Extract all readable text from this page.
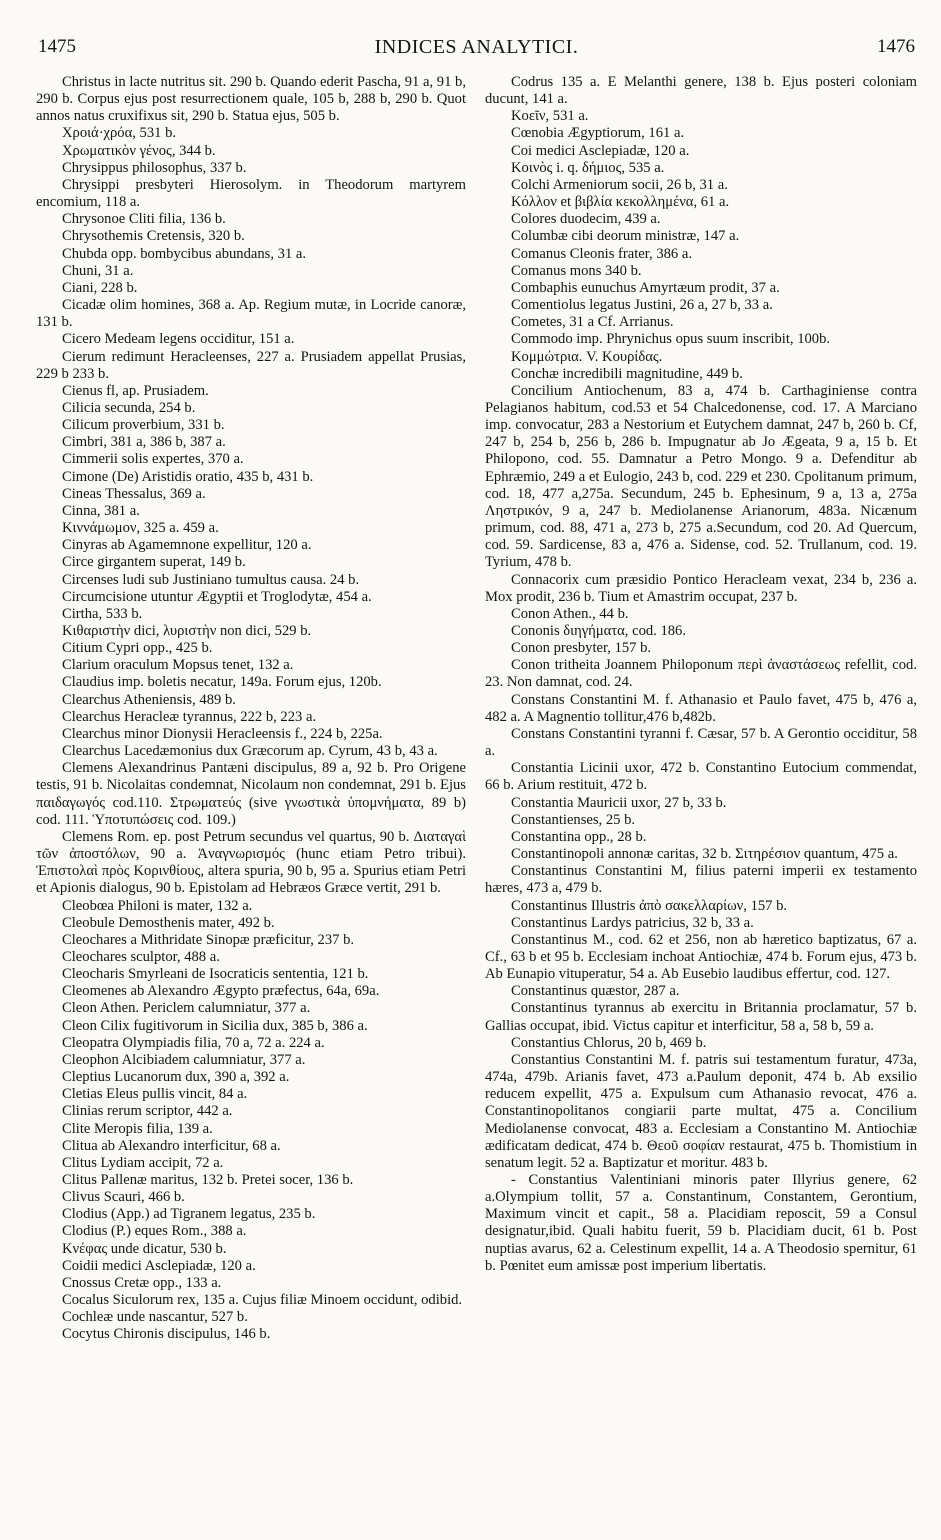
1475	INDICES ANALYTICI.	1476

Christus in lacte nutritus sit. 290 b. Quando ederit Pascha, 91 a, 91 b, 290 b. Corpus ejus post resurrectionem quale, 105 b, 288 b, 290 b. Quot annos natus cruxifixus sit, 290 b. Statua ejus, 505 b.

Χροιά·χρόα, 531 b.

Χρωματικὸν γένος, 344 b.

Chrysippus philosophus, 337 b.

Chrysippi presbyteri Hierosolym. in Theodorum martyrem encomium, 118 a.

Chrysonoe Cliti filia, 136 b.

Chrysothemis Cretensis, 320 b.

Chubda opp. bombycibus abundans, 31 a.

Chuni, 31 a.

Ciani, 228 b.

Cicadæ olim homines, 368 a. Ap. Regium mutæ, in Locride canoræ, 131 b.

Cicero Medeam legens occiditur, 151 a.

Cierum redimunt Heracleenses, 227 a. Prusiadem appellat Prusias, 229 b 233 b.

Cienus fl, ap. Prusiadem.

Cilicia secunda, 254 b.

Cilicum proverbium, 331 b.

Cimbri, 381 a, 386 b, 387 a.

Cimmerii solis expertes, 370 a.

Cimone (De) Aristidis oratio, 435 b, 431 b.

Cineas Thessalus, 369 a.

Cinna, 381 a.

Κιννάμωμον, 325 a. 459 a.

Cinyras ab Agamemnone expellitur, 120 a.

Circe girgantem superat, 149 b.

Circenses ludi sub Justiniano tumultus causa. 24 b.

Circumcisione utuntur Ægyptii et Troglodytæ, 454 a.

Cirtha, 533 b.

Κιθαριστὴν dici, λυριστὴν non dici, 529 b.

Citium Cypri opp., 425 b.

Clarium oraculum Mopsus tenet, 132 a.

Claudius imp. boletis necatur, 149a. Forum ejus, 120b.

Clearchus Atheniensis, 489 b.

Clearchus Heracleæ tyrannus, 222 b, 223 a.

Clearchus minor Dionysii Heracleensis f., 224 b, 225a.

Clearchus Lacedæmonius dux Græcorum ap. Cyrum, 43 b, 43 a.

Clemens Alexandrinus Pantæni discipulus, 89 a, 92 b. Pro Origene testis, 91 b. Nicolaitas condemnat, Nicolaum non condemnat, 291 b. Ejus παιδαγωγός cod.110. Στρωματεύς (sive γνωστικὰ ὑπομνήματα, 89 b) cod. 111. Ὑποτυπώσεις cod. 109.)

Clemens Rom. ep. post Petrum secundus vel quartus, 90 b. Διαταγαὶ τῶν ἀποστόλων, 90 a. Ἀναγνωρισμός (hunc etiam Petro tribui). Ἐπιστολαὶ πρὸς Κορινθίους, altera spuria, 90 b, 95 a. Spurius etiam Petri et Apionis dialogus, 90 b. Epistolam ad Hebræos Græce vertit, 291 b.

Cleobœa Philoni is mater, 132 a.

Cleobule Demosthenis mater, 492 b.

Cleochares a Mithridate Sinopæ præficitur, 237 b.

Cleochares sculptor, 488 a.

Cleocharis Smyrleani de Isocraticis sententia, 121 b.

Cleomenes ab Alexandro Ægypto præfectus, 64a, 69a.

Cleon Athen. Periclem calumniatur, 377 a.

Cleon Cilix fugitivorum in Sicilia dux, 385 b, 386 a.

Cleopatra Olympiadis filia, 70 a, 72 a. 224 a.

Cleophon Alcibiadem calumniatur, 377 a.

Cleptius Lucanorum dux, 390 a, 392 a.

Cletias Eleus pullis vincit, 84 a.

Clinias rerum scriptor, 442 a.

Clite Meropis filia, 139 a.

Clitua ab Alexandro interficitur, 68 a.

Clitus Lydiam accipit, 72 a.

Clitus Pallenæ maritus, 132 b. Pretei socer, 136 b.

Clivus Scauri, 466 b.

Clodius (App.) ad Tigranem legatus, 235 b.

Clodius (P.) eques Rom., 388 a.

Κνέφας unde dicatur, 530 b.

Coidii medici Asclepiadæ, 120 a.

Cnossus Cretæ opp., 133 a.

Cocalus Siculorum rex, 135 a. Cujus filiæ Minoem occidunt, odibid.

Cochleæ unde nascantur, 527 b.

Cocytus Chironis discipulus, 146 b.

Codrus 135 a. E Melanthi genere, 138 b. Ejus posteri coloniam ducunt, 141 a.

Κοεῖν, 531 a.

Cœnobia Ægyptiorum, 161 a.

Coi medici Asclepiadæ, 120 a.

Κοινὸς i. q. δήμιος, 535 a.

Colchi Armeniorum socii, 26 b, 31 a.

Κόλλον et βιβλία κεκολλημένα, 61 a.

Colores duodecim, 439 a.

Columbæ cibi deorum ministræ, 147 a.

Comanus Cleonis frater, 386 a.

Comanus mons 340 b.

Combaphis eunuchus Amyrtæum prodit, 37 a.

Comentiolus legatus Justini, 26 a, 27 b, 33 a.

Cometes, 31 a Cf. Arrianus.

Commodo imp. Phrynichus opus suum inscribit, 100b.

Κομμώτρια. V. Κουρίδας.

Conchæ incredibili magnitudine, 449 b.

Concilium Antiochenum, 83 a, 474 b. Carthaginiense contra Pelagianos habitum, cod.53 et 54 Chalcedonense, cod. 17. A Marciano imp. convocatur, 283 a Nestorium et Eutychem damnat, 247 b, 260 b. Cf, 247 b, 254 b, 256 b, 286 b. Impugnatur ab Jo Ægeata, 9 a, 15 b. Et Philopono, cod. 55. Damnatur a Petro Mongo. 9 a. Defenditur ab Ephræmio, 249 a et Eulogio, 243 b, cod. 229 et 230. Cpolitanum primum, cod. 18, 477 a,275a. Secundum, 245 b. Ephesinum, 9 a, 13 a, 275a Ληστρικόν, 9 a, 247 b. Mediolanense Arianorum, 483a. Nicænum primum, cod. 88, 471 a, 273 b, 275 a.Secundum, cod 20. Ad Quercum, cod. 59. Sardicense, 83 a, 476 a. Sidense, cod. 52. Trullanum, cod. 19. Tyrium, 478 b.

Connacorix cum præsidio Pontico Heracleam vexat, 234 b, 236 a. Mox prodit, 236 b. Tium et Amastrim occupat, 237 b.

Conon Athen., 44 b.

Cononis διηγήματα, cod. 186.

Conon presbyter, 157 b.

Conon tritheita Joannem Philoponum περὶ ἀναστάσεως refellit, cod. 23. Non damnat, cod. 24.

Constans Constantini M. f. Athanasio et Paulo favet, 475 b, 476 a, 482 a. A Magnentio tollitur,476 b,482b.

Constans Constantini tyranni f. Cæsar, 57 b. A Gerontio occiditur, 58 a.

Constantia Licinii uxor, 472 b. Constantino Eutocium commendat, 66 b. Arium restituit, 472 b.

Constantia Mauricii uxor, 27 b, 33 b.

Constantienses, 25 b.

Constantina opp., 28 b.

Constantinopoli annonæ caritas, 32 b. Σιτηρέσιον quantum, 475 a.

Constantinus Constantini M, filius paterni imperii ex testamento hæres, 473 a, 479 b.

Constantinus Illustris ἀπὸ σακελλαρίων, 157 b.

Constantinus Lardys patricius, 32 b, 33 a.

Constantinus M., cod. 62 et 256, non ab hæretico baptizatus, 67 a. Cf., 63 b et 95 b. Ecclesiam inchoat Antiochiæ, 474 b. Forum ejus, 473 b. Ab Eunapio vituperatur, 54 a. Ab Eusebio laudibus effertur, cod. 127.

Constantinus quæstor, 287 a.

Constantinus tyrannus ab exercitu in Britannia proclamatur, 57 b. Gallias occupat, ibid. Victus capitur et interficitur, 58 a, 58 b, 59 a.

Constantius Chlorus, 20 b, 469 b.

Constantius Constantini M. f. patris sui testamentum furatur, 473a, 474a, 479b. Arianis favet, 473 a.Paulum deponit, 474 b. Ab exsilio reducem expellit, 475 a. Expulsum cum Athanasio revocat, 476 a. Constantinopolitanos congiarii parte multat, 475 a. Concilium Mediolanense convocat, 483 a. Ecclesiam a Constantino M. Antiochiæ ædificatam dedicat, 474 b. Θεοῦ σοφίαν restaurat, 475 b. Thomistium in senatum legit. 52 a. Baptizatur et moritur. 483 b.

- Constantius Valentiniani minoris pater Illyrius genere, 62 a.Olympium tollit, 57 a. Constantinum, Constantem, Gerontium, Maximum vincit et capit., 58 a. Placidiam reposcit, 59 a Consul designatur,ibid. Quali habitu fuerit, 59 b. Placidiam ducit, 61 b. Post nuptias avarus, 62 a. Celestinum expellit, 14 a. A Theodosio spernitur, 61 b. Pœnitet eum amissæ post imperium libertatis.
